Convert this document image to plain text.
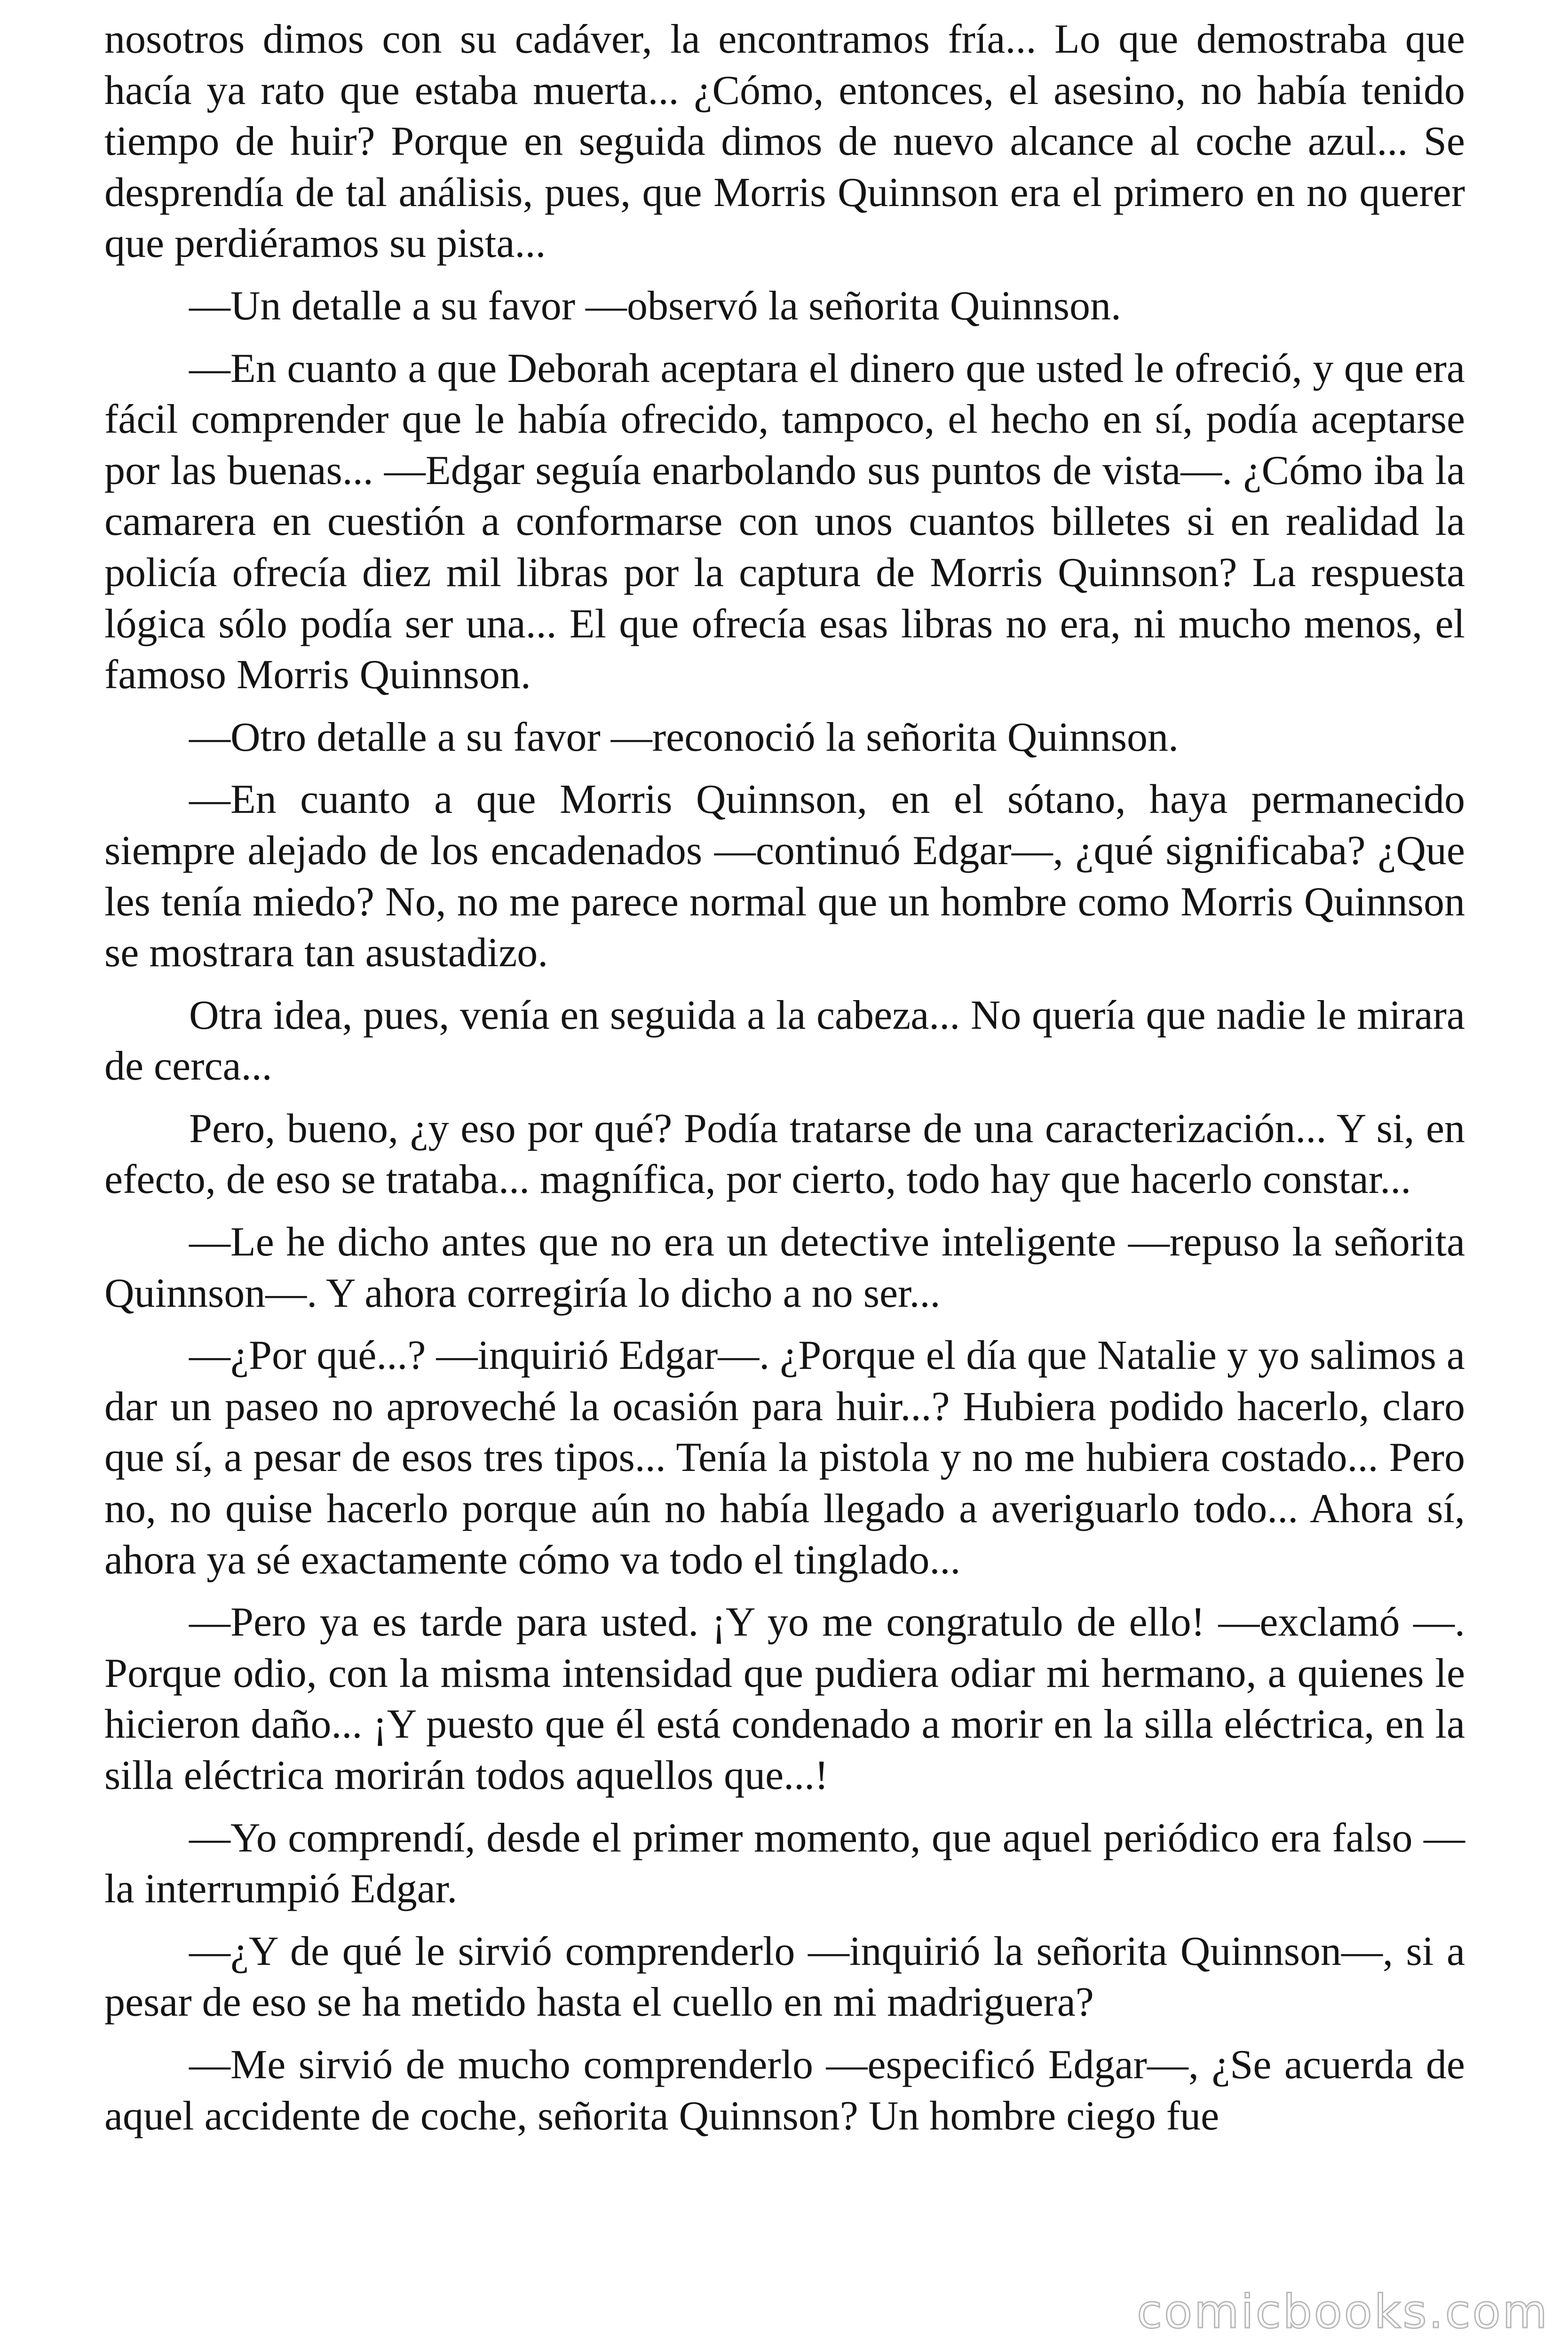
nosotros dimos con su cadáver, la encontramos fría... Lo que demostraba que hacía ya rato que estaba muerta... ¿Cómo, entonces, el asesino, no había tenido tiempo de huir? Porque en seguida dimos de nuevo alcance al coche azul... Se desprendía de tal análisis, pues, que Morris Quinnson era el primero en no querer que perdiéramos su pista...

—Un detalle a su favor —observó la señorita Quinnson.

—En cuanto a que Deborah aceptara el dinero que usted le ofreció, y que era fácil comprender que le había ofrecido, tampoco, el hecho en sí, podía aceptarse por las buenas... —Edgar seguía enarbolando sus puntos de vista—. ¿Cómo iba la camarera en cuestión a conformarse con unos cuantos billetes si en realidad la policía ofrecía diez mil libras por la captura de Morris Quinnson? La respuesta lógica sólo podía ser una... El que ofrecía esas libras no era, ni mucho menos, el famoso Morris Quinnson.

—Otro detalle a su favor —reconoció la señorita Quinnson.

—En cuanto a que Morris Quinnson, en el sótano, haya permanecido siempre alejado de los encadenados —continuó Edgar—, ¿qué significaba? ¿Que les tenía miedo? No, no me parece normal que un hombre como Morris Quinnson se mostrara tan asustadizo.

Otra idea, pues, venía en seguida a la cabeza... No quería que nadie le mirara de cerca...

Pero, bueno, ¿y eso por qué? Podía tratarse de una caracterización... Y si, en efecto, de eso se trataba... magnífica, por cierto, todo hay que hacerlo constar...

—Le he dicho antes que no era un detective inteligente —repuso la señorita Quinnson—. Y ahora corregiría lo dicho a no ser...

—¿Por qué...? —inquirió Edgar—. ¿Porque el día que Natalie y yo salimos a dar un paseo no aproveché la ocasión para huir...? Hubiera podido hacerlo, claro que sí, a pesar de esos tres tipos... Tenía la pistola y no me hubiera costado... Pero no, no quise hacerlo porque aún no había llegado a averiguarlo todo... Ahora sí, ahora ya sé exactamente cómo va todo el tinglado...

—Pero ya es tarde para usted. ¡Y yo me congratulo de ello! —exclamó —. Porque odio, con la misma intensidad que pudiera odiar mi hermano, a quienes le hicieron daño... ¡Y puesto que él está condenado a morir en la silla eléctrica, en la silla eléctrica morirán todos aquellos que...!

—Yo comprendí, desde el primer momento, que aquel periódico era falso — la interrumpió Edgar.

—¿Y de qué le sirvió comprenderlo —inquirió la señorita Quinnson—, si a pesar de eso se ha metido hasta el cuello en mi madriguera?

—Me sirvió de mucho comprenderlo —especificó Edgar—, ¿Se acuerda de aquel accidente de coche, señorita Quinnson? Un hombre ciego fue

comicbooks.com
